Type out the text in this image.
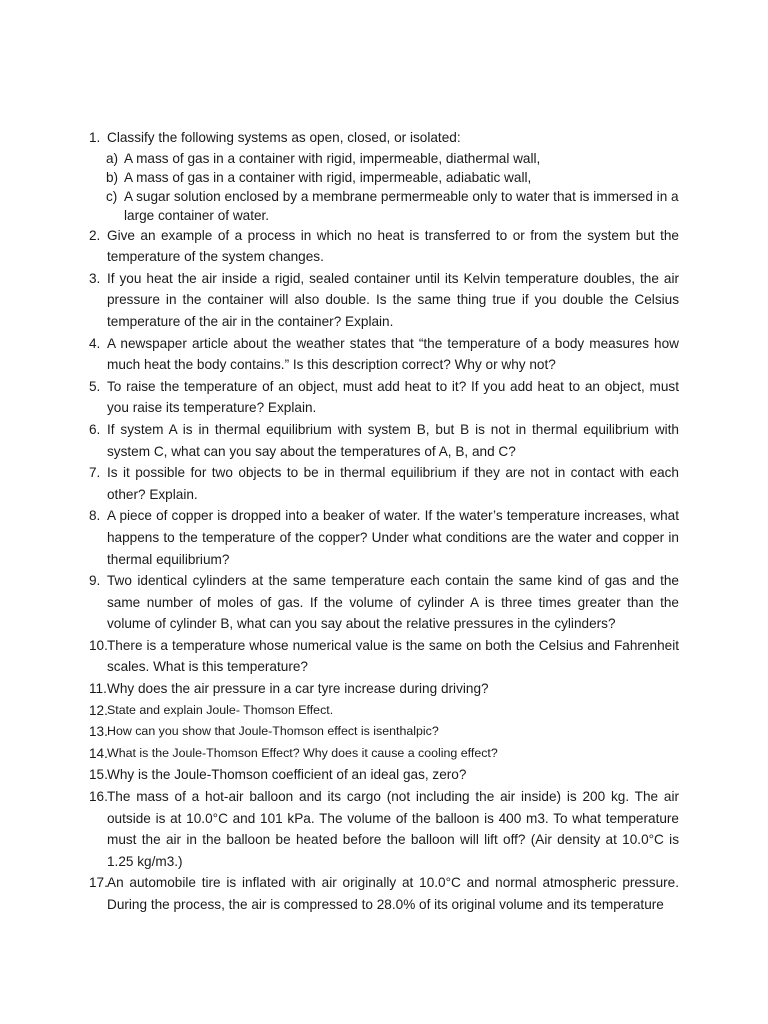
1. Classify the following systems as open, closed, or isolated:
a) A mass of gas in a container with rigid, impermeable, diathermal wall,
b) A mass of gas in a container with rigid, impermeable, adiabatic wall,
c) A sugar solution enclosed by a membrane permermeable only to water that is immersed in a large container of water.
2. Give an example of a process in which no heat is transferred to or from the system but the temperature of the system changes.
3. If you heat the air inside a rigid, sealed container until its Kelvin temperature doubles, the air pressure in the container will also double. Is the same thing true if you double the Celsius temperature of the air in the container? Explain.
4. A newspaper article about the weather states that “the temperature of a body measures how much heat the body contains.” Is this description correct? Why or why not?
5. To raise the temperature of an object, must add heat to it? If you add heat to an object, must you raise its temperature? Explain.
6. If system A is in thermal equilibrium with system B, but B is not in thermal equilibrium with system C, what can you say about the temperatures of A, B, and C?
7. Is it possible for two objects to be in thermal equilibrium if they are not in contact with each other? Explain.
8. A piece of copper is dropped into a beaker of water. If the water’s temperature increases, what happens to the temperature of the copper? Under what conditions are the water and copper in thermal equilibrium?
9. Two identical cylinders at the same temperature each contain the same kind of gas and the same number of moles of gas. If the volume of cylinder A is three times greater than the volume of cylinder B, what can you say about the relative pressures in the cylinders?
10. There is a temperature whose numerical value is the same on both the Celsius and Fahrenheit scales. What is this temperature?
11. Why does the air pressure in a car tyre increase during driving?
12. State and explain Joule- Thomson Effect.
13. How can you show that Joule-Thomson effect is isenthalpic?
14. What is the Joule-Thomson Effect? Why does it cause a cooling effect?
15. Why is the Joule-Thomson coefficient of an ideal gas, zero?
16. The mass of a hot-air balloon and its cargo (not including the air inside) is 200 kg. The air outside is at 10.0°C and 101 kPa. The volume of the balloon is 400 m3. To what temperature must the air in the balloon be heated before the balloon will lift off? (Air density at 10.0°C is 1.25 kg/m3.)
17. An automobile tire is inflated with air originally at 10.0°C and normal atmospheric pressure. During the process, the air is compressed to 28.0% of its original volume and its temperature
